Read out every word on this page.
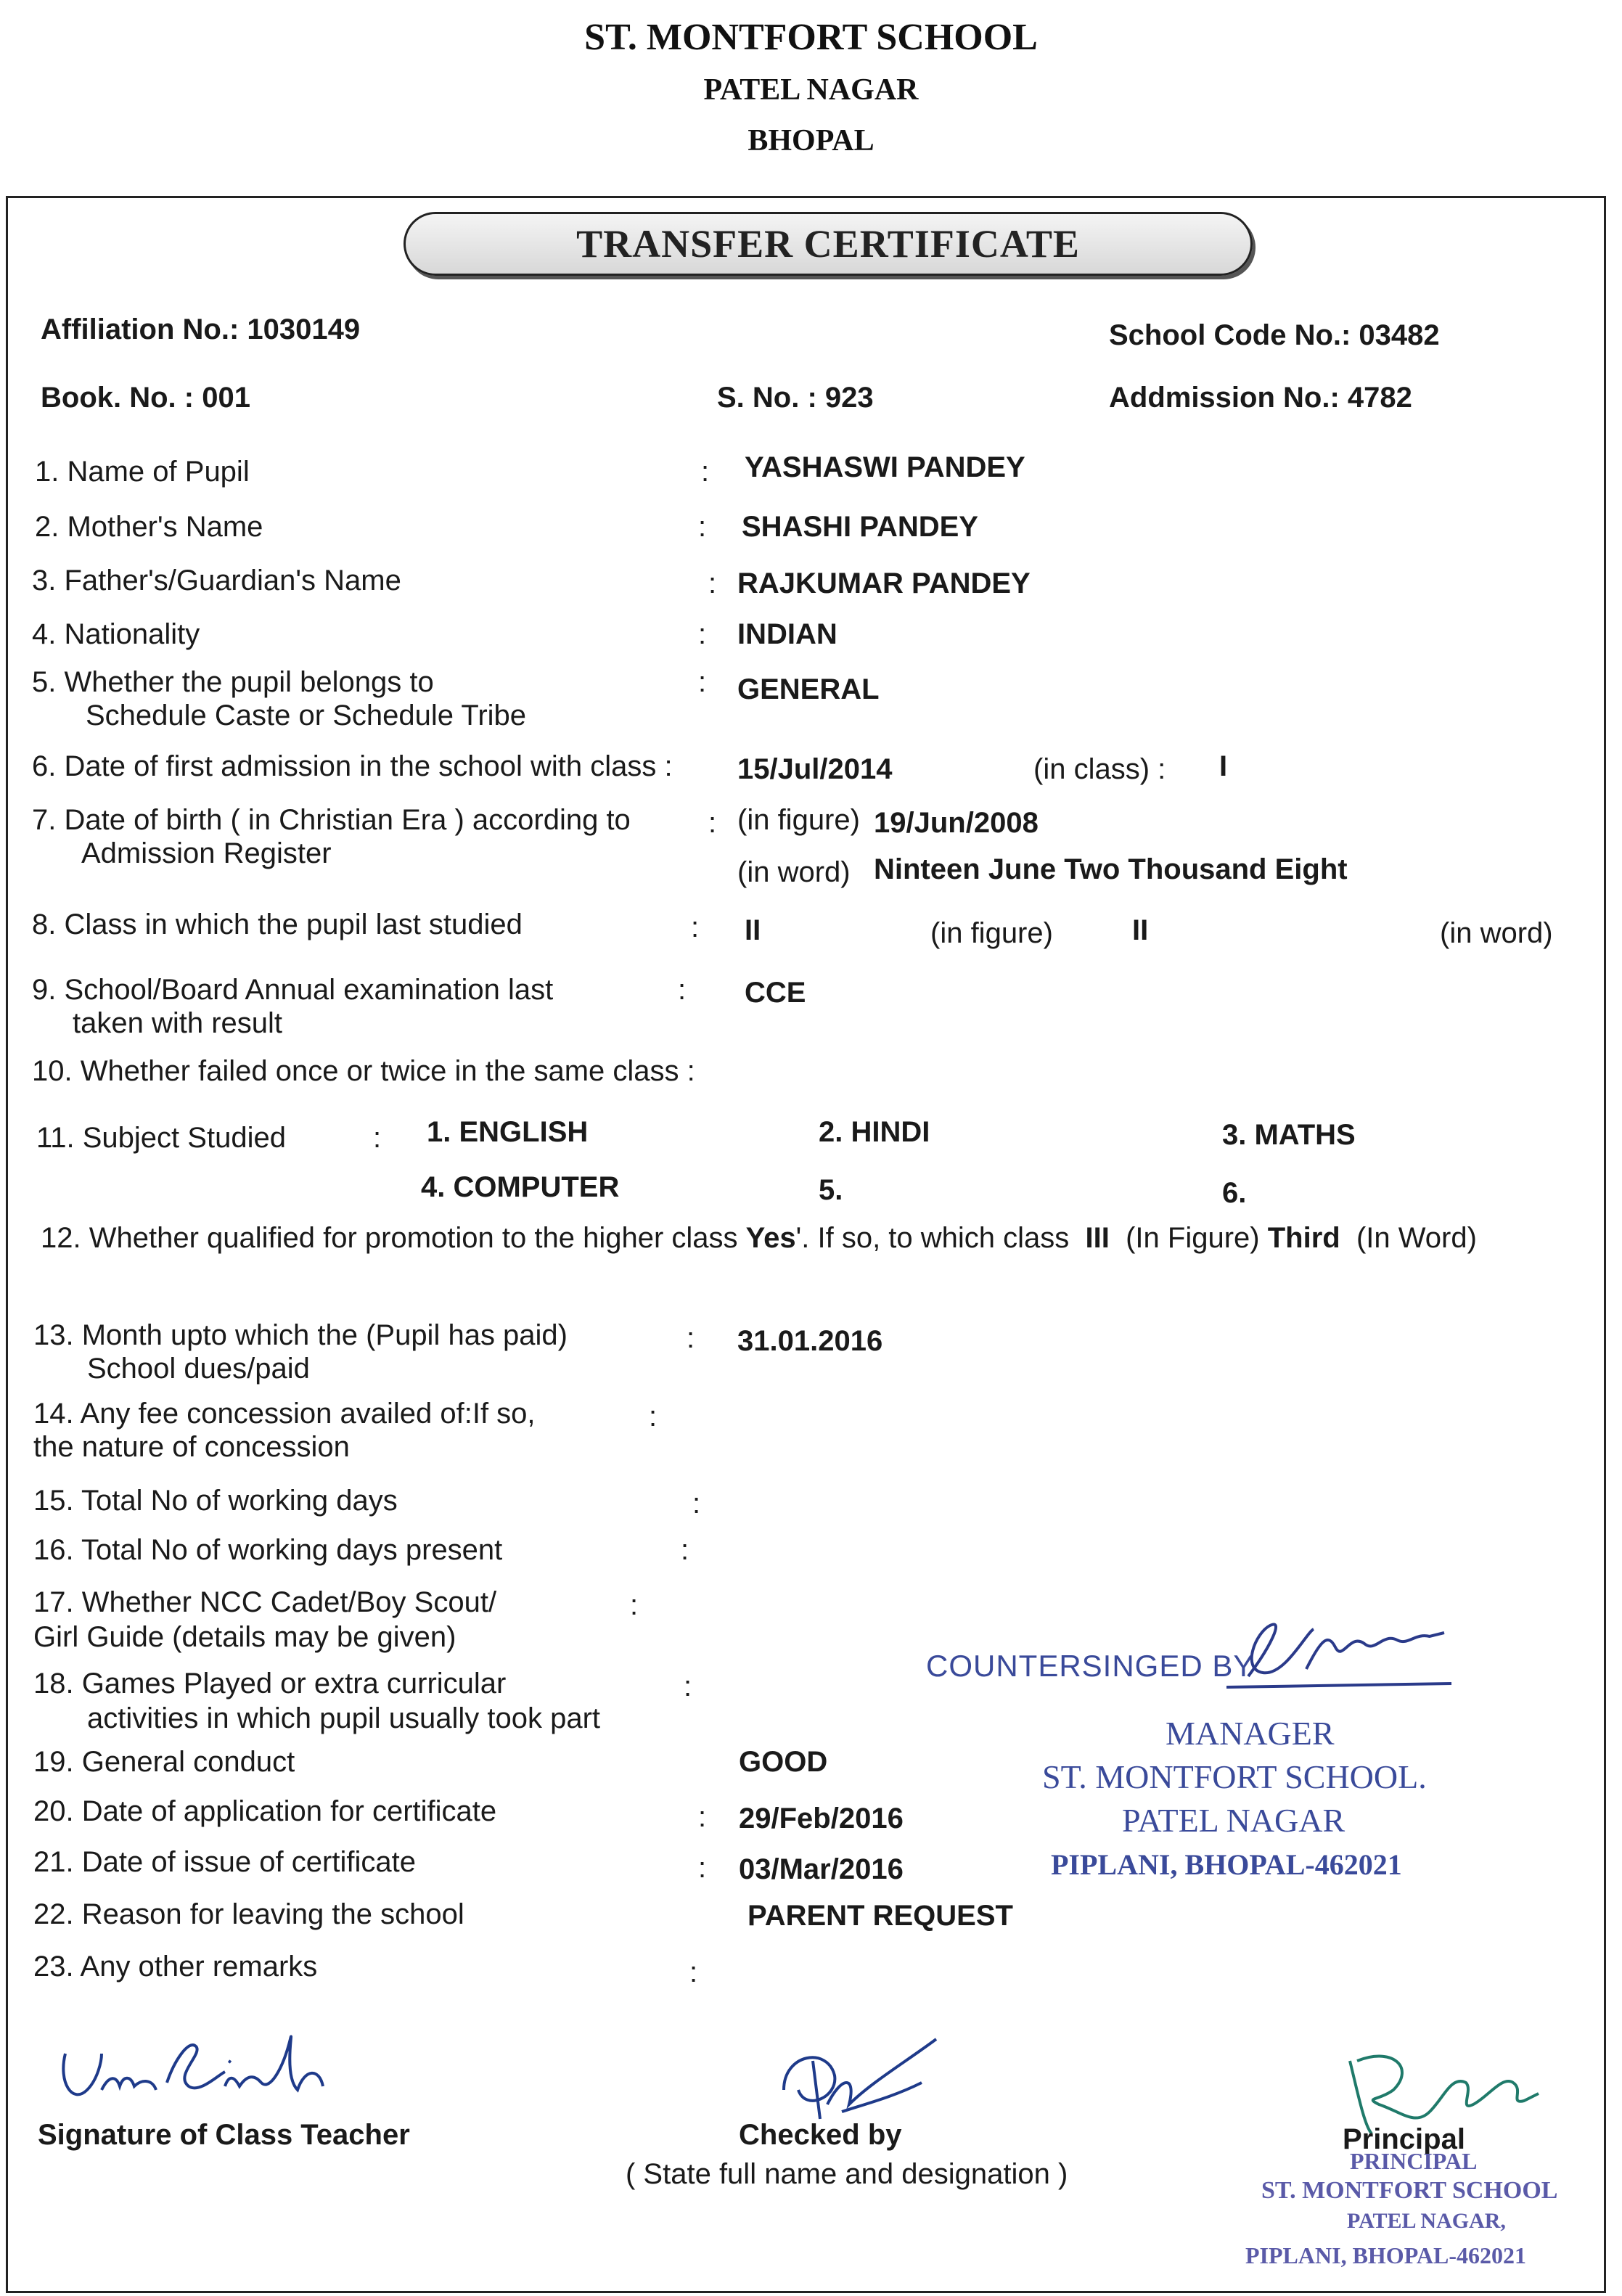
ST. MONTFORT SCHOOL
PATEL NAGAR
BHOPAL
TRANSFER CERTIFICATE
Affiliation No.: 1030149	School Code No.: 03482
Book. No. : 001	S. No. : 923	Addmission No.: 4782
1. Name of Pupil	: YASHASWI PANDEY
2. Mother's Name	: SHASHI PANDEY
3. Father's/Guardian's Name	: RAJKUMAR PANDEY
4. Nationality	: INDIAN
5. Whether the pupil belongs to
Schedule Caste or Schedule Tribe
: GENERAL
6. Date of first admission in the school with class : 15/Jul/2014	(in class) : I
7. Date of birth ( in Christian Era ) according to
Admission Register
: (in figure) 19/Jun/2008
(in word) Ninteen June Two Thousand Eight
8. Class in which the pupil last studied	: II	(in figure)	II	(in word)
9. School/Board Annual examination last
taken with result
: CCE
10. Whether failed once or twice in the same class :
11. Subject Studied	: 1. ENGLISH	2. HINDI	3. MATHS
4. COMPUTER	5.	6.
12. Whether qualified for promotion to the higher class Yes'. If so, to which class III (In Figure) Third (In Word)
13. Month upto which the (Pupil has paid)
School dues/paid
: 31.01.2016
14. Any fee concession availed of:If so,
the nature of concession
:
15. Total No of working days	:
16. Total No of working days present	:
17. Whether NCC Cadet/Boy Scout/
Girl Guide (details may be given)
:
18. Games Played or extra curricular
activities in which pupil usually took part
:
19. General conduct	GOOD
20. Date of application for certificate	: 29/Feb/2016
21. Date of issue of certificate	: 03/Mar/2016
22. Reason for leaving the school	PARENT REQUEST
23. Any other remarks	:
COUNTERSINGED BY
MANAGER
ST. MONTFORT SCHOOL.
PATEL NAGAR
PIPLANI, BHOPAL-462021
Signature of Class Teacher	Checked by
( State full name and designation )
Principal
PRINCIPAL
ST. MONTFORT SCHOOL
PATEL NAGAR,
PIPLANI, BHOPAL-462021
